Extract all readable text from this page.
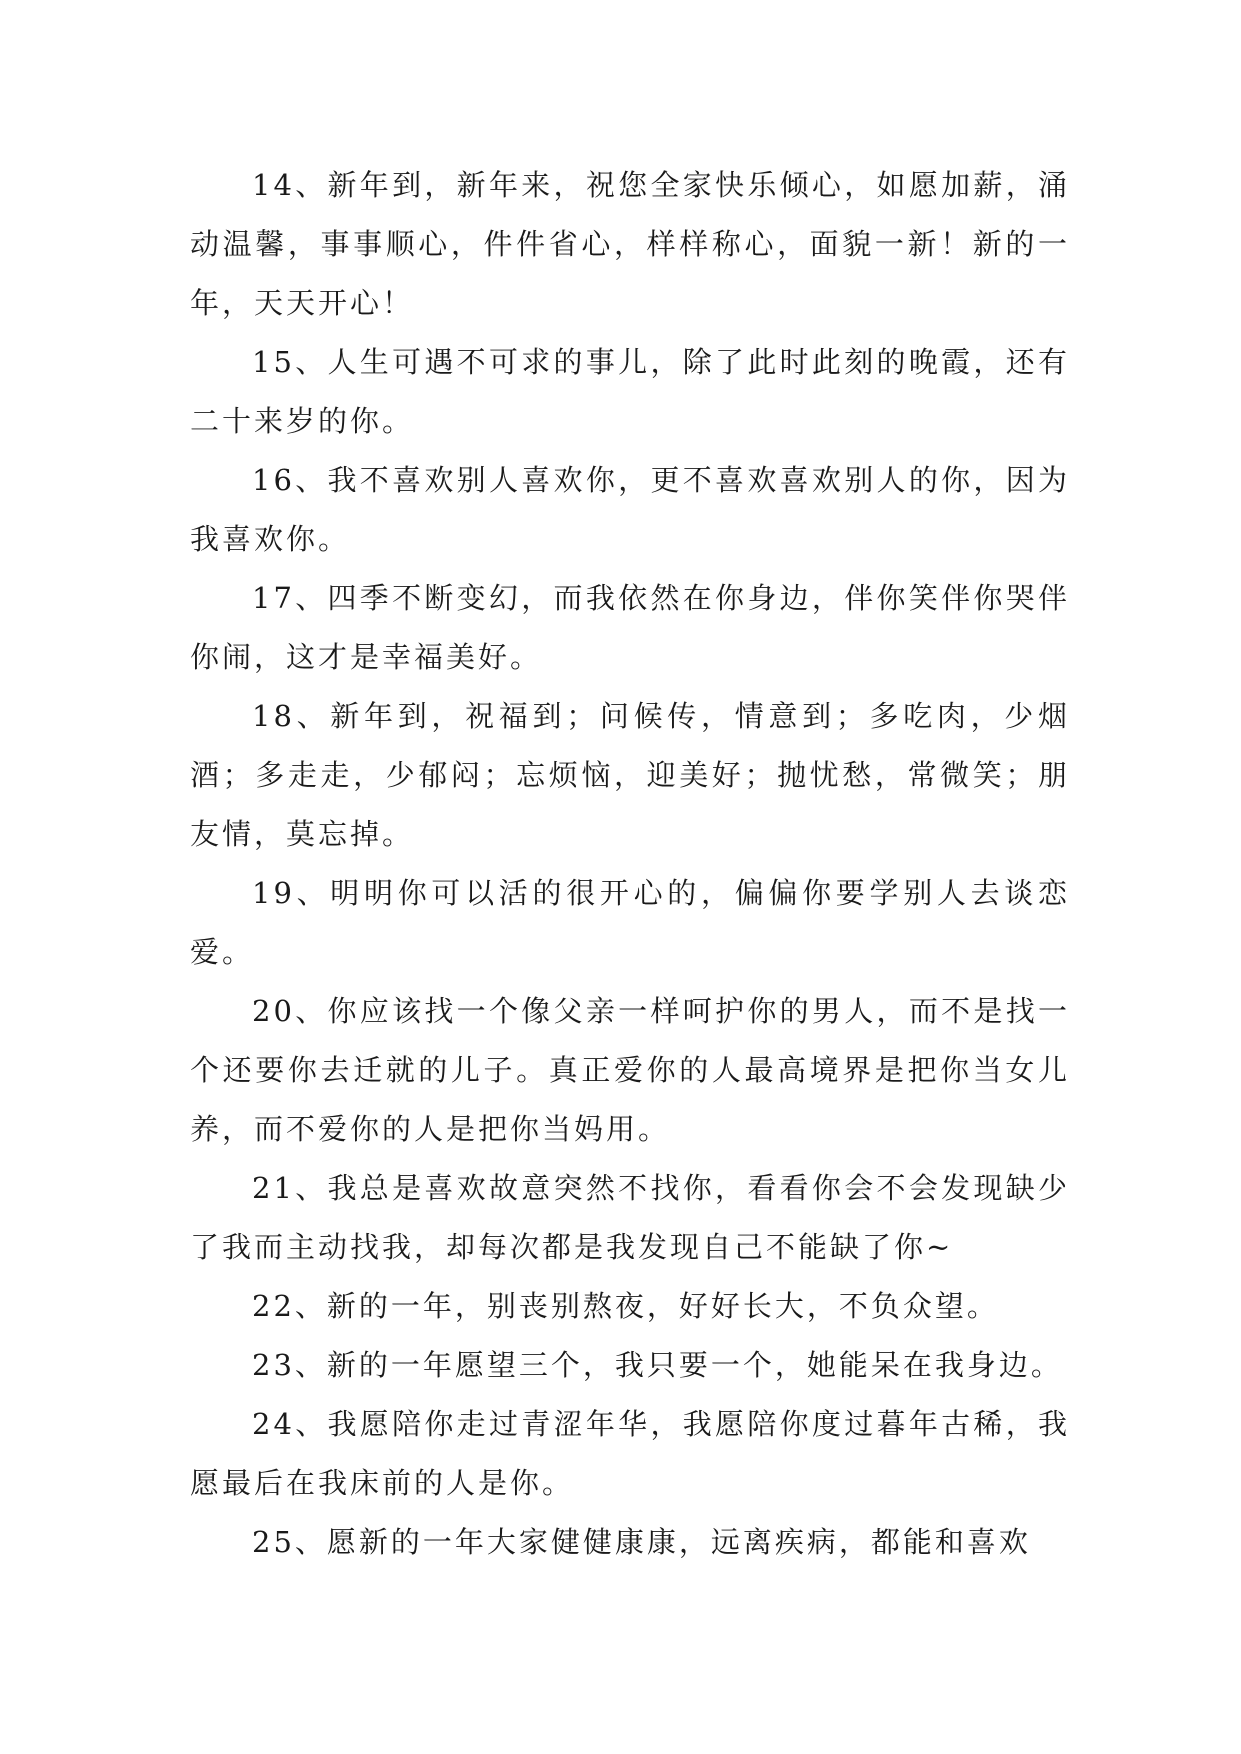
14、新年到，新年来，祝您全家快乐倾心，如愿加薪，涌动温馨，事事顺心，件件省心，样样称心，面貌一新！新的一年，天天开心！

15、人生可遇不可求的事儿，除了此时此刻的晚霞，还有二十来岁的你。

16、我不喜欢别人喜欢你，更不喜欢喜欢别人的你，因为我喜欢你。

17、四季不断变幻，而我依然在你身边，伴你笑伴你哭伴你闹，这才是幸福美好。

18、新年到，祝福到；问候传，情意到；多吃肉，少烟酒；多走走，少郁闷；忘烦恼，迎美好；抛忧愁，常微笑；朋友情，莫忘掉。

19、明明你可以活的很开心的，偏偏你要学别人去谈恋爱。

20、你应该找一个像父亲一样呵护你的男人，而不是找一个还要你去迁就的儿子。真正爱你的人最高境界是把你当女儿养，而不爱你的人是把你当妈用。

21、我总是喜欢故意突然不找你，看看你会不会发现缺少了我而主动找我，却每次都是我发现自己不能缺了你~

22、新的一年，别丧别熬夜，好好长大，不负众望。

23、新的一年愿望三个，我只要一个，她能呆在我身边。

24、我愿陪你走过青涩年华，我愿陪你度过暮年古稀，我愿最后在我床前的人是你。

25、愿新的一年大家健健康康，远离疾病，都能和喜欢
